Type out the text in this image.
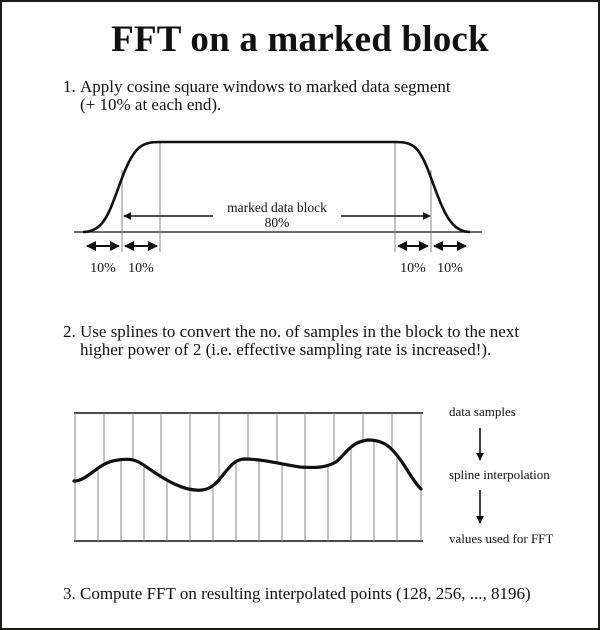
FFT on a marked block
1. Apply cosine square windows to marked data segment
(+ 10% at each end).
2. Use splines to convert the no. of samples in the block to the next
higher power of 2 (i.e. effective sampling rate is increased!).
3. Compute FFT on resulting interpolated points (128, 256, ..., 8196)
marked data block
80%
10% 10%	10% 10%
data samples
spline interpolation
values used for FFT
